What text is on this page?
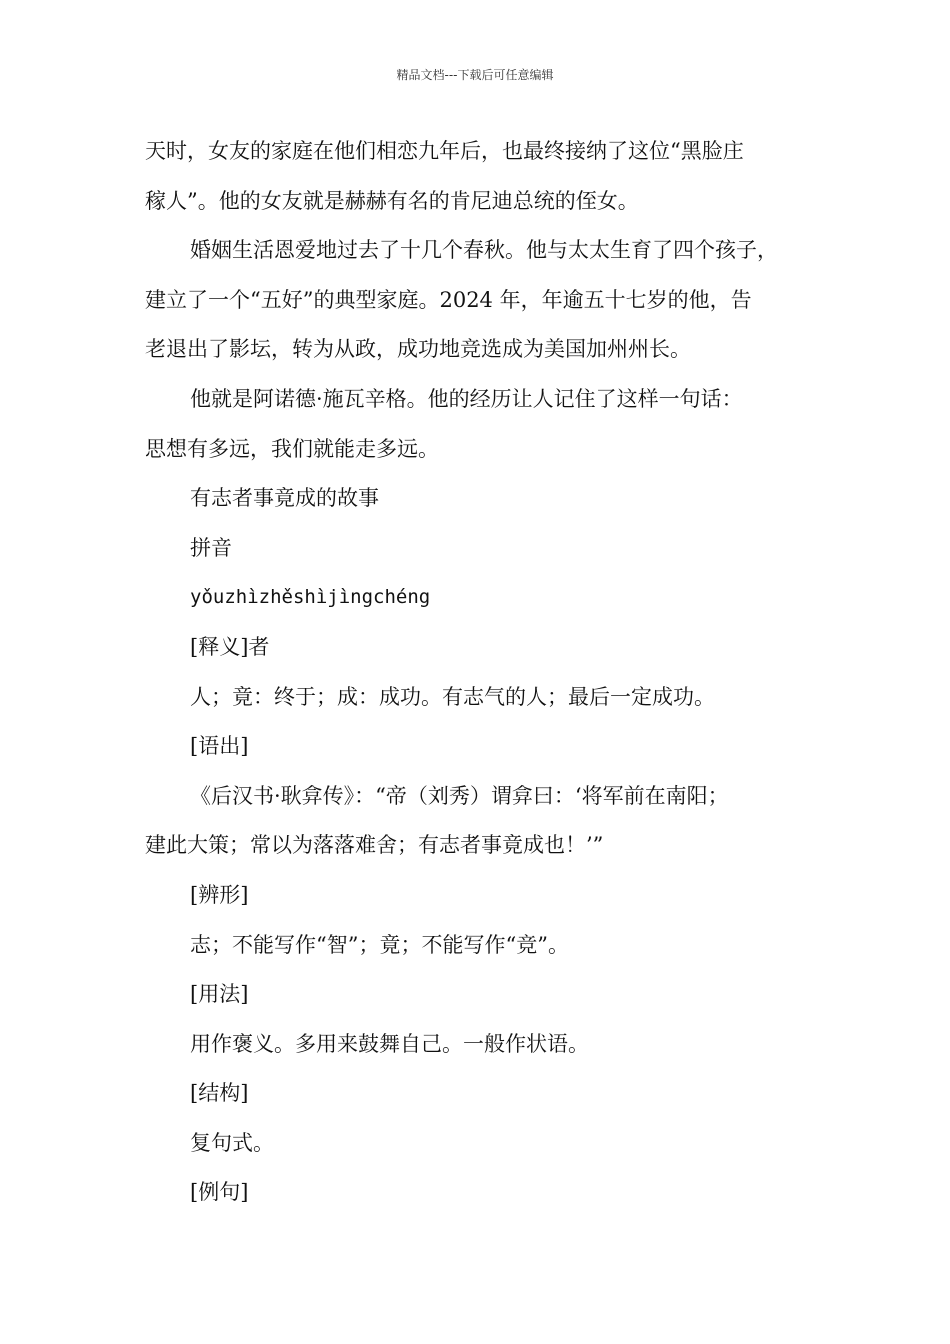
精品文档---下载后可任意编辑

天时，女友的家庭在他们相恋九年后，也最终接纳了这位“黑脸庄

稼人”。他的女友就是赫赫有名的肯尼迪总统的侄女。

婚姻生活恩爱地过去了十几个春秋。他与太太生育了四个孩子，

建立了一个“五好”的典型家庭。2024 年，年逾五十七岁的他，告

老退出了影坛，转为从政，成功地竞选成为美国加州州长。

他就是阿诺德·施瓦辛格。他的经历让人记住了这样一句话：

思想有多远，我们就能走多远。

有志者事竟成的故事

拼音

yǒuzhìzhěshìjìngchéng

[释义]者

人；竟：终于；成：成功。有志气的人；最后一定成功。

[语出]

《后汉书·耿弇传》：“帝（刘秀）谓弇曰：‘将军前在南阳；

建此大策；常以为落落难舍；有志者事竟成也！’”

[辨形]

志；不能写作“智”；竟；不能写作“竞”。

[用法]

用作褒义。多用来鼓舞自己。一般作状语。

[结构]

复句式。

[例句]
